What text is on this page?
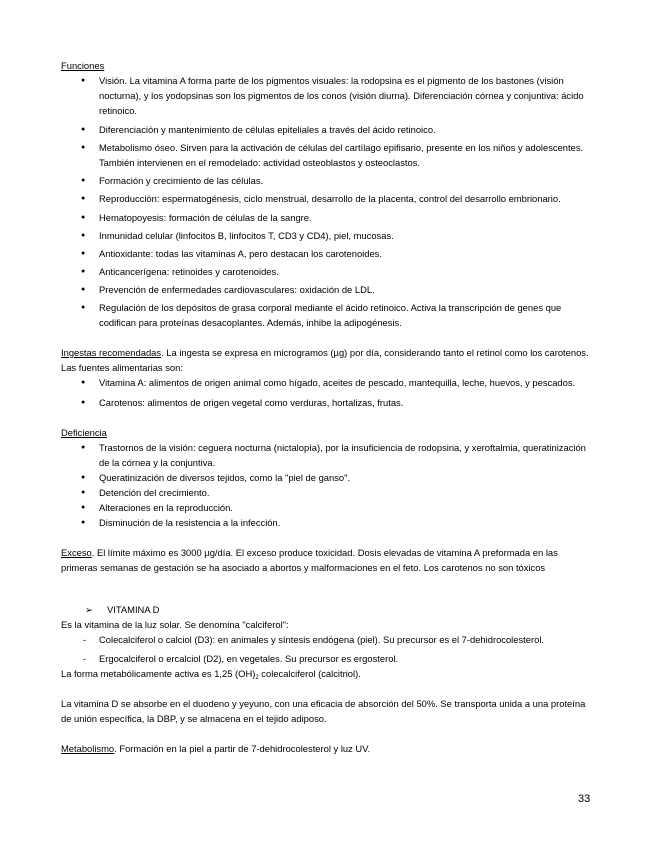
Funciones

● Visión. La vitamina A forma parte de los pigmentos visuales: la rodopsina es el pigmento de los bastones (visión nocturna), y los yodopsinas son los pigmentos de los conos (visión diurna). Diferenciación córnea y conjuntiva: ácido retinoico.
● Diferenciación y mantenimiento de células epiteliales a través del ácido retinoico.
● Metabolismo óseo. Sirven para la activación de células del cartílago epifisario, presente en los niños y adolescentes. También intervienen en el remodelado: actividad osteoblastos y osteoclastos.
● Formación y crecimiento de las células.
● Reproducción: espermatogénesis, ciclo menstrual, desarrollo de la placenta, control del desarrollo embrionario.
● Hematopoyesis: formación de células de la sangre.
● Inmunidad celular (linfocitos B, linfocitos T, CD3 y CD4), piel, mucosas.
● Antioxidante: todas las vitaminas A, pero destacan los carotenoides.
● Anticancerígena: retinoides y carotenoides.
● Prevención de enfermedades cardiovasculares: oxidación de LDL.
● Regulación de los depósitos de grasa corporal mediante el ácido retinoico. Activa la transcripción de genes que codifican para proteínas desacoplantes. Además, inhibe la adipogénesis.

Ingestas recomendadas. La ingesta se expresa en microgramos (µg) por día, considerando tanto el retinol como los carotenos. Las fuentes alimentarias son:

● Vitamina A: alimentos de origen animal como hígado, aceites de pescado, mantequilla, leche, huevos, y pescados.
● Carotenos: alimentos de origen vegetal como verduras, hortalizas, frutas.

Deficiencia

● Trastornos de la visión: ceguera nocturna (nictalopía), por la insuficiencia de rodopsina, y xeroftalmia, queratinización de la córnea y la conjuntiva.
● Queratinización de diversos tejidos, como la "piel de ganso".
● Detención del crecimiento.
● Alteraciones en la reproducción.
● Disminución de la resistencia a la infección.

Exceso. El límite máximo es 3000 µg/día. El exceso produce toxicidad. Dosis elevadas de vitamina A preformada en las primeras semanas de gestación se ha asociado a abortos y malformaciones en el feto. Los carotenos no son tóxicos

➢ VITAMINA D

Es la vitamina de la luz solar. Se denomina "calciferol":

- Colecalciferol o calciol (D3): en animales y síntesis endógena (piel). Su precursor es el 7-dehidrocolesterol.
- Ergocalciferol o ercalciol (D2), en vegetales. Su precursor es ergosterol.

La forma metabólicamente activa es 1,25 $(OH)_2$ colecalciferol (calcitriol).

La vitamina D se absorbe en el duodeno y yeyuno, con una eficacia de absorción del 50%. Se transporta unida a una proteína de unión específica, la DBP, y se almacena en el tejido adiposo.

Metabolismo. Formación en la piel a partir de 7-dehidrocolesterol y luz UV.

33
